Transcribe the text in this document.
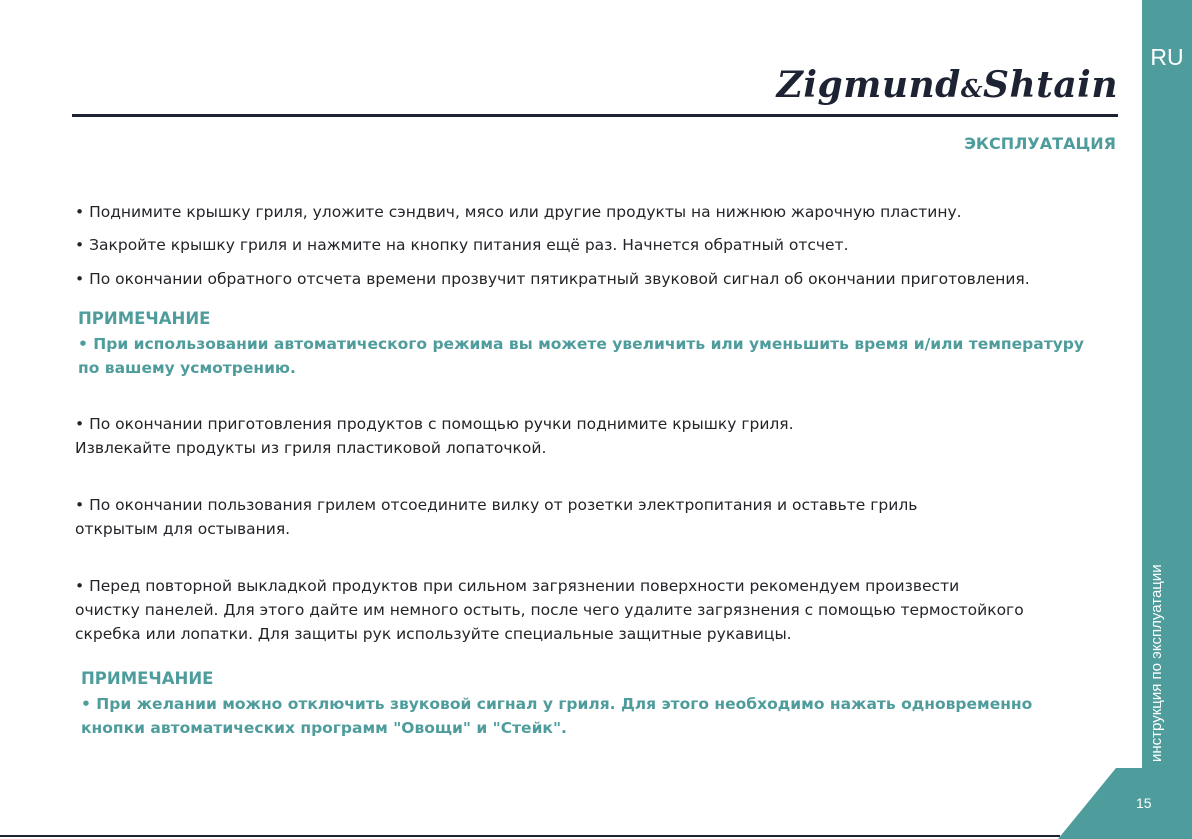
RU
инструкция по эксплуатации
15
Zigmund&Shtain
ЭКСПЛУАТАЦИЯ

• Поднимите крышку гриля, уложите сэндвич, мясо или другие продукты на нижнюю жарочную пластину.

• Закройте крышку гриля и нажмите на кнопку питания ещё раз. Начнется обратный отсчет.

• По окончании обратного отсчета времени прозвучит пятикратный звуковой сигнал об окончании приготовления.

ПРИМЕЧАНИЕ

• При использовании автоматического режима вы можете увеличить или уменьшить время и/или температуру

по вашему усмотрению.

• По окончании приготовления продуктов с помощью ручки поднимите крышку гриля.

Извлекайте продукты из гриля пластиковой лопаточкой.

• По окончании пользования грилем отсоедините вилку от розетки электропитания и оставьте гриль

открытым для остывания.

• Перед повторной выкладкой продуктов при сильном загрязнении поверхности рекомендуем произвести

очистку панелей. Для этого дайте им немного остыть, после чего удалите загрязнения с помощью термостойкого

скребка или лопатки. Для защиты рук используйте специальные защитные рукавицы.

ПРИМЕЧАНИЕ

• При желании можно отключить звуковой сигнал у гриля. Для этого необходимо нажать одновременно

кнопки автоматических программ "Овощи" и "Стейк".
